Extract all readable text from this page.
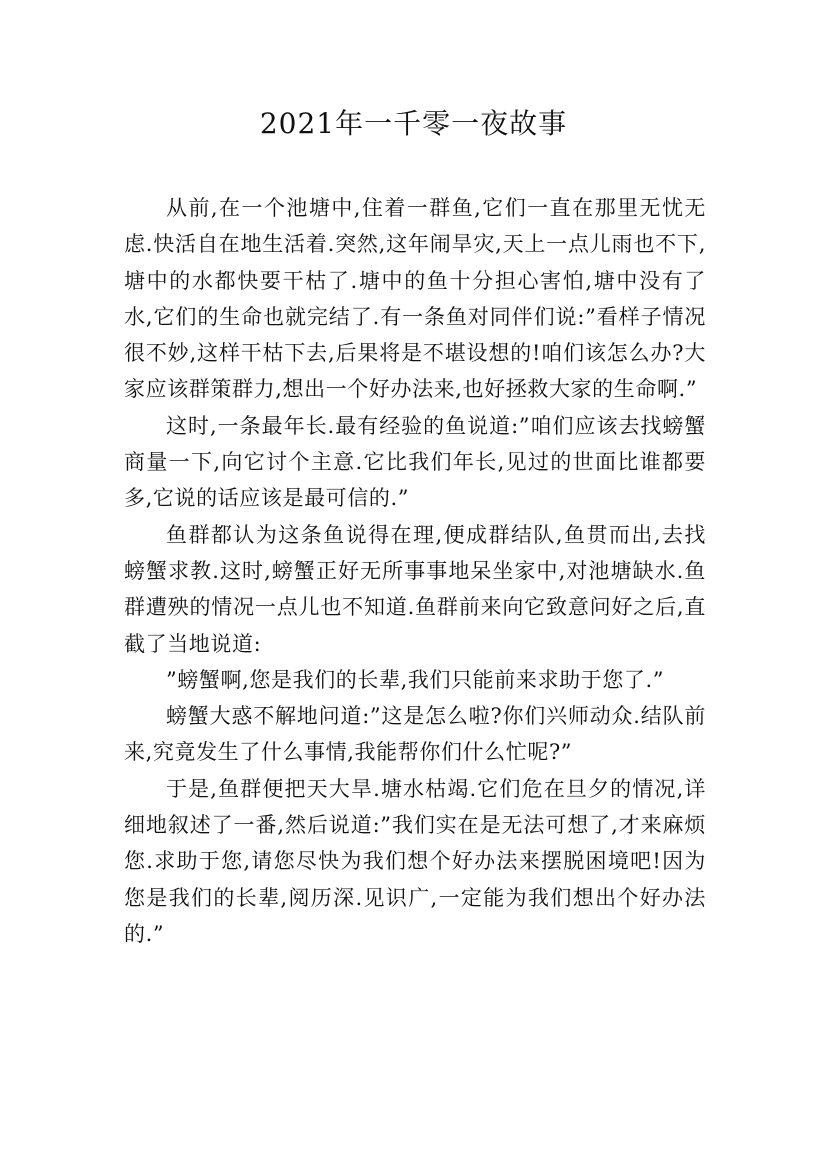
2021年一千零一夜故事

从前,在一个池塘中,住着一群鱼,它们一直在那里无忧无虑.快活自在地生活着.突然,这年闹旱灾,天上一点儿雨也不下,塘中的水都快要干枯了.塘中的鱼十分担心害怕,塘中没有了水,它们的生命也就完结了.有一条鱼对同伴们说:”看样子情况很不妙,这样干枯下去,后果将是不堪设想的!咱们该怎么办?大家应该群策群力,想出一个好办法来,也好拯救大家的生命啊.”

这时,一条最年长.最有经验的鱼说道:”咱们应该去找螃蟹商量一下,向它讨个主意.它比我们年长,见过的世面比谁都要多,它说的话应该是最可信的.”

鱼群都认为这条鱼说得在理,便成群结队,鱼贯而出,去找螃蟹求教.这时,螃蟹正好无所事事地呆坐家中,对池塘缺水.鱼群遭殃的情况一点儿也不知道.鱼群前来向它致意问好之后,直截了当地说道:

”螃蟹啊,您是我们的长辈,我们只能前来求助于您了.”

螃蟹大惑不解地问道:”这是怎么啦?你们兴师动众.结队前来,究竟发生了什么事情,我能帮你们什么忙呢?”

于是,鱼群便把天大旱.塘水枯竭.它们危在旦夕的情况,详细地叙述了一番,然后说道:”我们实在是无法可想了,才来麻烦您.求助于您,请您尽快为我们想个好办法来摆脱困境吧!因为您是我们的长辈,阅历深.见识广,一定能为我们想出个好办法的.”
